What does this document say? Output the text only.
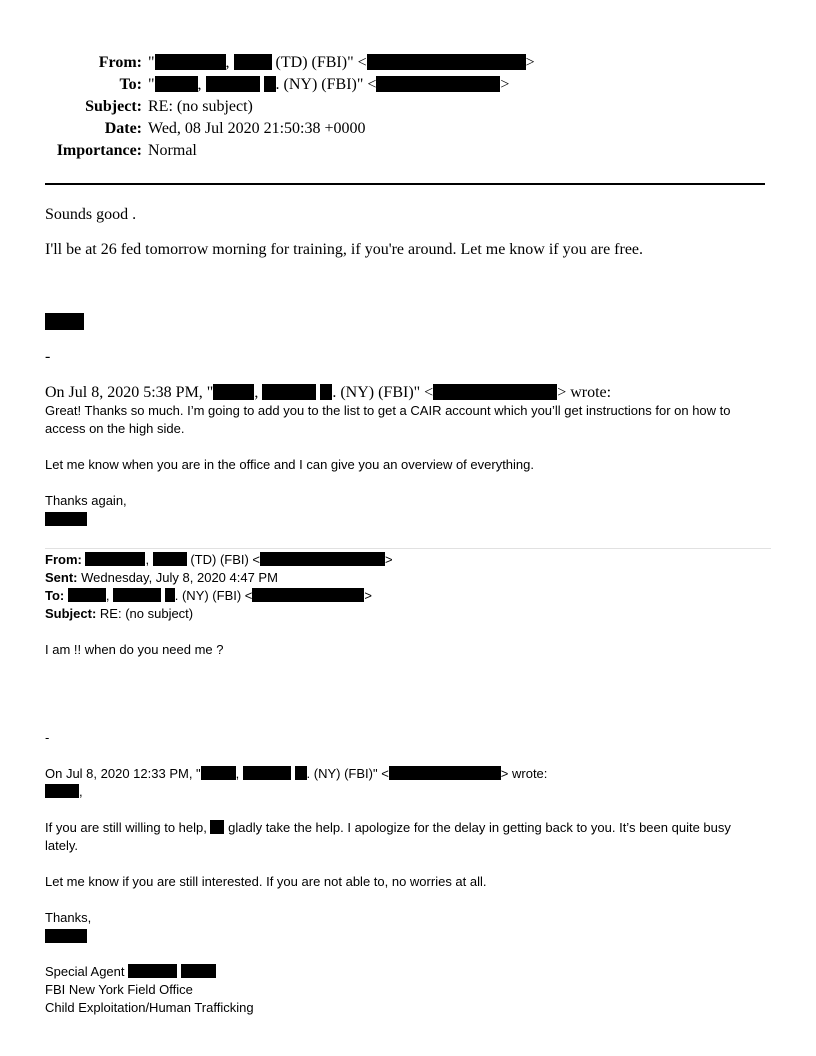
From: "	,	(TD) (FBI)" <	>
To: "	,	. (NY) (FBI)" <	>
Subject: RE: (no subject)
Date: Wed, 08 Jul 2020 21:50:38 +0000
Importance: Normal
Sounds good .
I'll be at 26 fed tomorrow morning for training, if you're around. Let me know if you are free.
-
On Jul 8, 2020 5:38 PM, "	,	. (NY) (FBI)" <	> wrote:
Great! Thanks so much. I’m going to add you to the list to get a CAIR account which you’ll get instructions for on how to
access on the high side.
Let me know when you are in the office and I can give you an overview of everything.
Thanks again,
From:	,	(TD) (FBI) <	>
Sent: Wednesday, July 8, 2020 4:47 PM
To:	,	. (NY) (FBI) <	>
Subject: RE: (no subject)
I am !! when do you need me ?
-
On Jul 8, 2020 12:33 PM, "	,	. (NY) (FBI)" <	> wrote:
,
If you are still willing to help, gladly take the help. I apologize for the delay in getting back to you. It’s been quite busy
lately.
Let me know if you are still interested. If you are not able to, no worries at all.
Thanks,
Special Agent
FBI New York Field Office
Child Exploitation/Human Trafficking
